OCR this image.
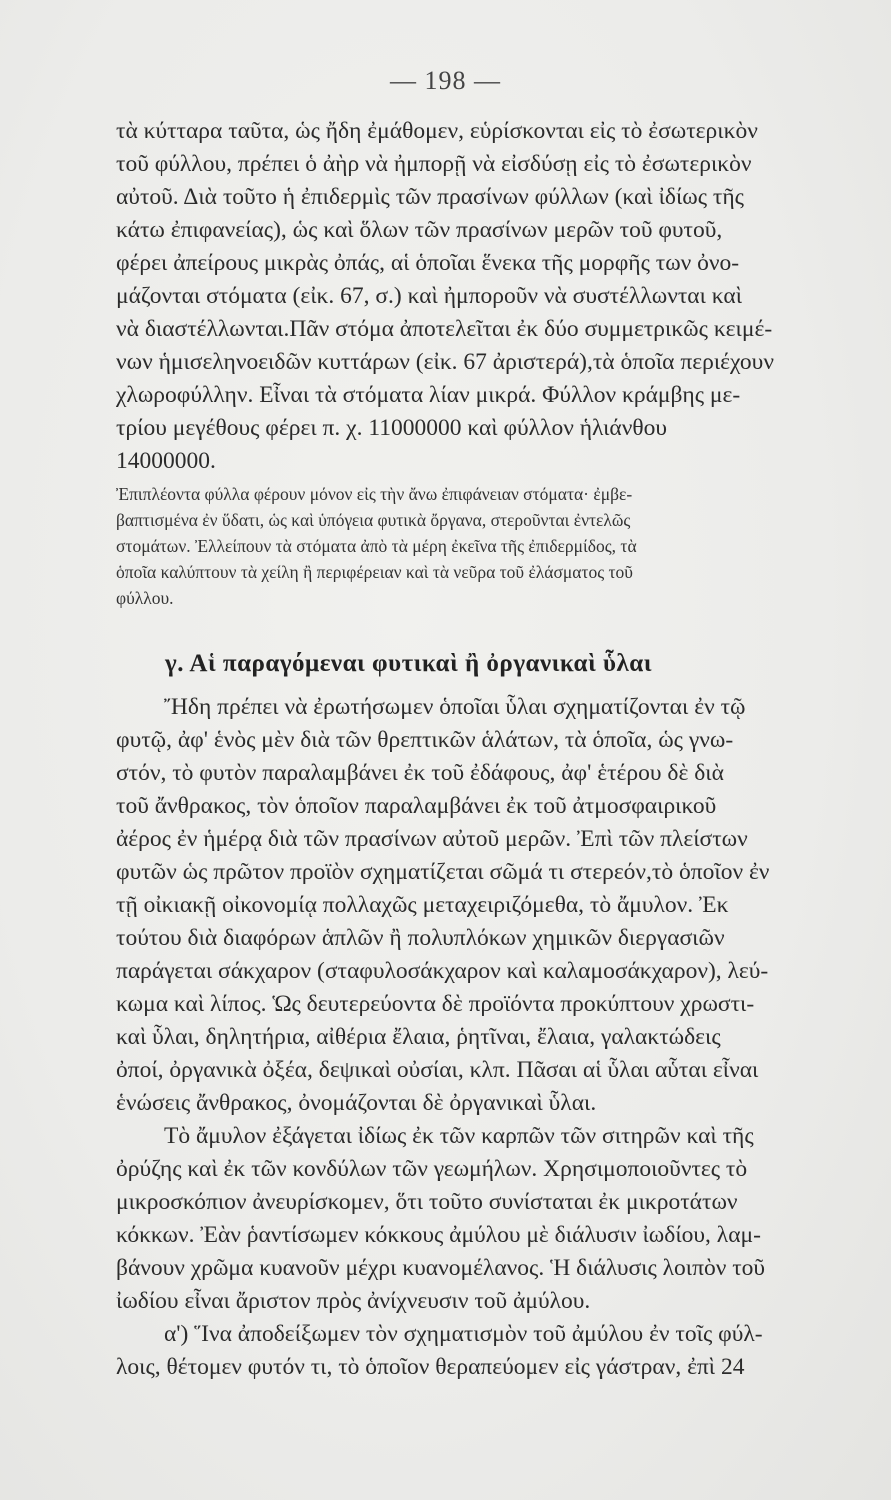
— 198 —
τὰ κύτταρα ταῦτα, ὡς ἤδη ἐμάθομεν, εὑρίσκονται εἰς τὸ ἐσωτερικὸν
τοῦ φύλλου, πρέπει ὁ ἀὴρ νὰ ἠμπορῇ νὰ εἰσδύσῃ εἰς τὸ ἐσωτερικὸν
αὐτοῦ. Διὰ τοῦτο ἡ ἐπιδερμὶς τῶν πρασίνων φύλλων (καὶ ἰδίως τῆς
κάτω ἐπιφανείας), ὡς καὶ ὅλων τῶν πρασίνων μερῶν τοῦ φυτοῦ,
φέρει ἀπείρους μικρὰς ὀπάς, αἱ ὁποῖαι ἕνεκα τῆς μορφῆς των ὀνο-
μάζονται στόματα (εἰκ. 67, σ.) καὶ ἠμποροῦν νὰ συστέλλωνται καὶ
νὰ διαστέλλωνται.Πᾶν στόμα ἀποτελεῖται ἐκ δύο συμμετρικῶς κειμέ-
νων ἡμισεληνοειδῶν κυττάρων (εἰκ. 67 ἀριστερά),τὰ ὁποῖα περιέχουν
χλωροφύλλην. Εἶναι τὰ στόματα λίαν μικρά. Φύλλον κράμβης με-
τρίου μεγέθους φέρει π. χ. 11000000 καὶ φύλλον ἡλιάνθου
14000000.
Ἐπιπλέοντα φύλλα φέρουν μόνον εἰς τὴν ἄνω ἐπιφάνειαν στόματα· ἐμβε-
βαπτισμένα ἐν ὕδατι, ὡς καὶ ὑπόγεια φυτικὰ ὄργανα, στεροῦνται ἐντελῶς
στομάτων. Ἐλλείπουν τὰ στόματα ἀπὸ τὰ μέρη ἐκεῖνα τῆς ἐπιδερμίδος, τὰ
ὁποῖα καλύπτουν τὰ χείλη ἢ περιφέρειαν καὶ τὰ νεῦρα τοῦ ἐλάσματος τοῦ
φύλλου.
γ. Αἱ παραγόμεναι φυτικαὶ ἢ ὀργανικαὶ ὗλαι
Ἤδη πρέπει νὰ ἐρωτήσωμεν ὁποῖαι ὗλαι σχηματίζονται ἐν τῷ
φυτῷ, ἀφ' ἑνὸς μὲν διὰ τῶν θρεπτικῶν ἁλάτων, τὰ ὁποῖα, ὡς γνω-
στόν, τὸ φυτὸν παραλαμβάνει ἐκ τοῦ ἐδάφους, ἀφ' ἑτέρου δὲ διὰ
τοῦ ἄνθρακος, τὸν ὁποῖον παραλαμβάνει ἐκ τοῦ ἀτμοσφαιρικοῦ
ἀέρος ἐν ἡμέρᾳ διὰ τῶν πρασίνων αὐτοῦ μερῶν. Ἐπὶ τῶν πλείστων
φυτῶν ὡς πρῶτον προϊὸν σχηματίζεται σῶμά τι στερεόν,τὸ ὁποῖον ἐν
τῇ οἰκιακῇ οἰκονομίᾳ πολλαχῶς μεταχειριζόμεθα, τὸ ἄμυλον. Ἐκ
τούτου διὰ διαφόρων ἁπλῶν ἢ πολυπλόκων χημικῶν διεργασιῶν
παράγεται σάκχαρον (σταφυλοσάκχαρον καὶ καλαμοσάκχαρον), λεύ-
κωμα καὶ λίπος. Ὡς δευτερεύοντα δὲ προϊόντα προκύπτουν χρωστι-
καὶ ὗλαι, δηλητήρια, αἰθέρια ἔλαια, ῥητῖναι, ἔλαια, γαλακτώδεις
ὀποί, ὀργανικὰ ὀξέα, δεψικαὶ οὐσίαι, κλπ. Πᾶσαι αἱ ὗλαι αὗται εἶναι
ἑνώσεις ἄνθρακος, ὀνομάζονται δὲ ὀργανικαὶ ὗλαι.
Τὸ ἄμυλον ἐξάγεται ἰδίως ἐκ τῶν καρπῶν τῶν σιτηρῶν καὶ τῆς
ὀρύζης καὶ ἐκ τῶν κονδύλων τῶν γεωμήλων. Χρησιμοποιοῦντες τὸ
μικροσκόπιον ἀνευρίσκομεν, ὅτι τοῦτο συνίσταται ἐκ μικροτάτων
κόκκων. Ἐὰν ῥαντίσωμεν κόκκους ἀμύλου μὲ διάλυσιν ἰωδίου, λαμ-
βάνουν χρῶμα κυανοῦν μέχρι κυανομέλανος. Ἡ διάλυσις λοιπὸν τοῦ
ἰωδίου εἶναι ἄριστον πρὸς ἀνίχνευσιν τοῦ ἀμύλου.
α') Ἵνα ἀποδείξωμεν τὸν σχηματισμὸν τοῦ ἀμύλου ἐν τοῖς φύλ-
λοις, θέτομεν φυτόν τι, τὸ ὁποῖον θεραπεύομεν εἰς γάστραν, ἐπὶ 24
